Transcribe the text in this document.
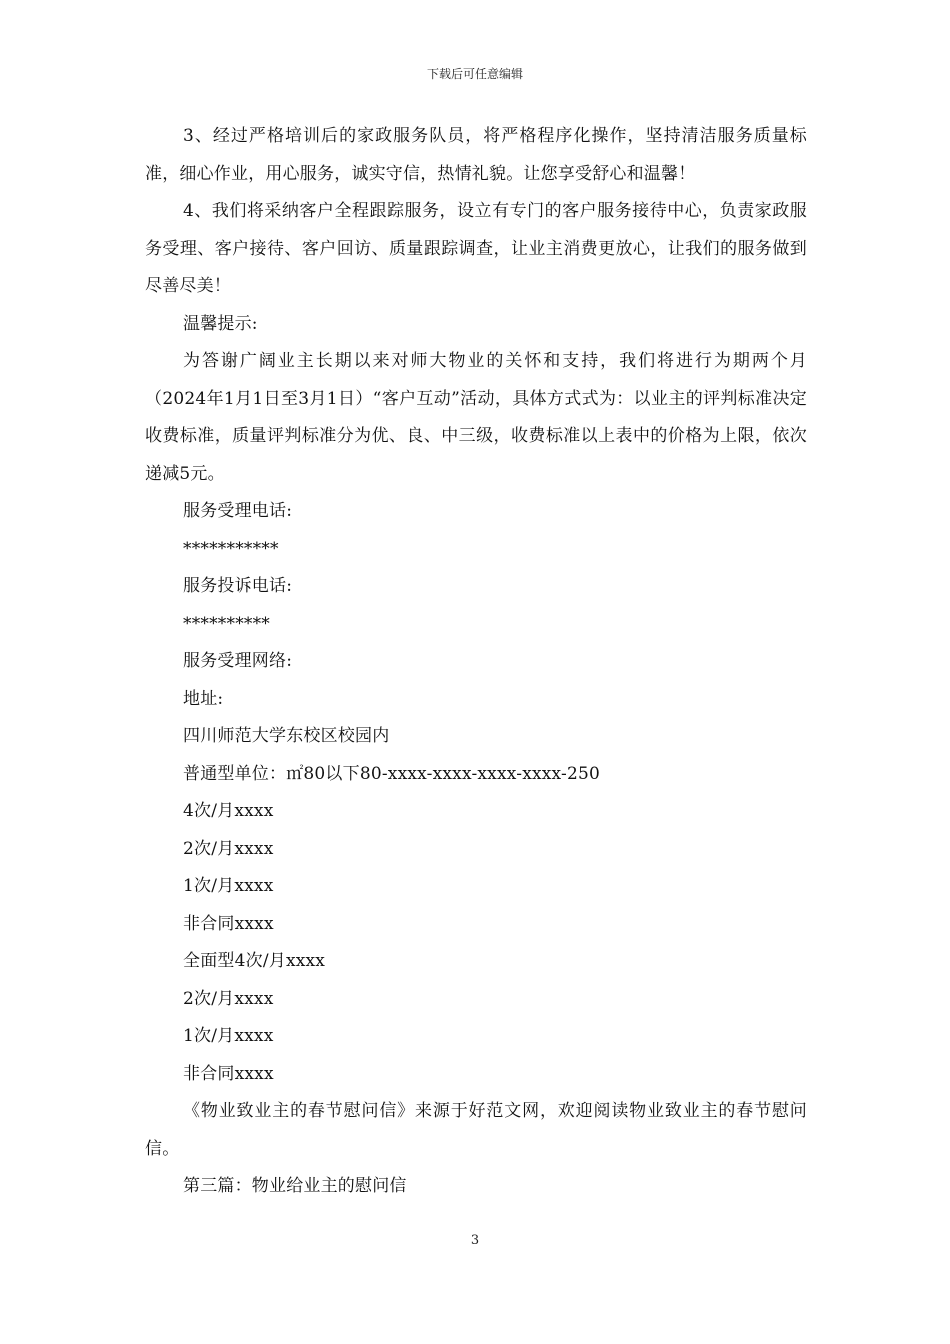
下载后可任意编辑

3、经过严格培训后的家政服务队员，将严格程序化操作，坚持清洁服务质量标准，细心作业，用心服务，诚实守信，热情礼貌。让您享受舒心和温馨！

4、我们将采纳客户全程跟踪服务，设立有专门的客户服务接待中心，负责家政服务受理、客户接待、客户回访、质量跟踪调查，让业主消费更放心，让我们的服务做到尽善尽美！

温馨提示:

为答谢广阔业主长期以来对师大物业的关怀和支持，我们将进行为期两个月（2024年1月1日至3月1日）“客户互动”活动，具体方式式为：以业主的评判标准决定收费标准，质量评判标准分为优、良、中三级，收费标准以上表中的价格为上限，依次递减5元。

服务受理电话:

***********

服务投诉电话:

**********

服务受理网络:

地址:

四川师范大学东校区校园内

普通型单位：㎡80以下80-xxxx-xxxx-xxxx-xxxx-250

4次/月xxxx

2次/月xxxx

1次/月xxxx

非合同xxxx

全面型4次/月xxxx

2次/月xxxx

1次/月xxxx

非合同xxxx

《物业致业主的春节慰问信》来源于好范文网，欢迎阅读物业致业主的春节慰问信。

第三篇：物业给业主的慰问信

3
